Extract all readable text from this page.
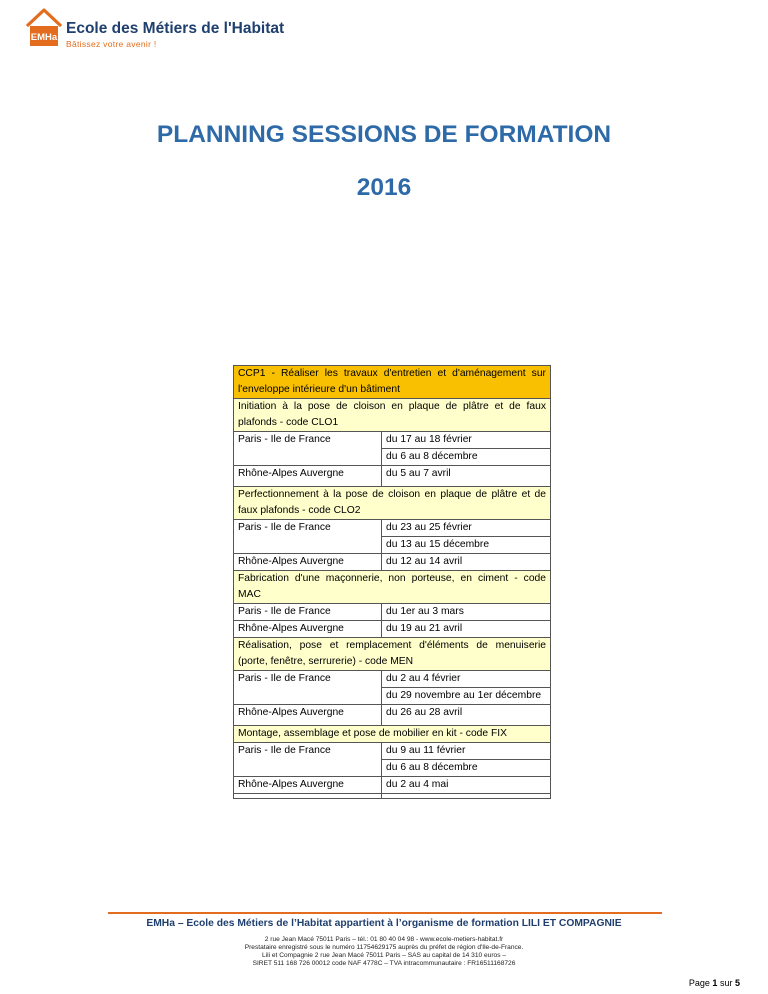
EMHa
Ecole des Métiers de l'Habitat
Bâtissez votre avenir !
PLANNING SESSIONS DE FORMATION
2016
CCP1 - Réaliser les travaux d'entretien et d'aménagement sur l'enveloppe intérieure d'un bâtiment	
Initiation à la pose de cloison en plaque de plâtre et de faux plafonds - code CLO1	
Paris - Ile de France	du 17 au 18 février
	du 6 au 8 décembre
Rhône-Alpes Auvergne	du 5 au 7 avril

Perfectionnement à la pose de cloison en plaque de plâtre et de faux plafonds - code CLO2	
Paris - Ile de France	du 23 au 25 février
	du 13 au 15 décembre
Rhône-Alpes Auvergne	du 12 au 14 avril
Fabrication d'une maçonnerie, non porteuse, en ciment - code MAC	
Paris - Ile de France	du 1er au 3 mars
Rhône-Alpes Auvergne	du 19 au 21 avril
Réalisation, pose et remplacement d'éléments de menuiserie (porte, fenêtre, serrurerie) - code MEN	
Paris - Ile de France	du 2 au 4 février
	du 29 novembre au 1er décembre
Rhône-Alpes Auvergne	du 26 au 28 avril

Montage, assemblage et pose de mobilier en kit - code FIX	
Paris - Ile de France	du 9 au 11 février
	du 6 au 8 décembre
Rhône-Alpes Auvergne	du 2 au 4 mai

EMHa – Ecole des Métiers de l’Habitat appartient à l’organisme de formation LILI ET COMPAGNIE
2 rue Jean Macé 75011 Paris – tél.: 01 80 40 04 98 - www.ecole-metiers-habitat.fr
Prestataire enregistré sous le numéro 11754629175 auprès du préfet de région d'Ile-de-France.
Lili et Compagnie 2 rue Jean Macé 75011 Paris – SAS au capital de 14 310 euros –
SIRET 511 168 726 00012 code NAF 4778C – TVA intracommunautaire : FR16511168726
Page 1 sur 5
